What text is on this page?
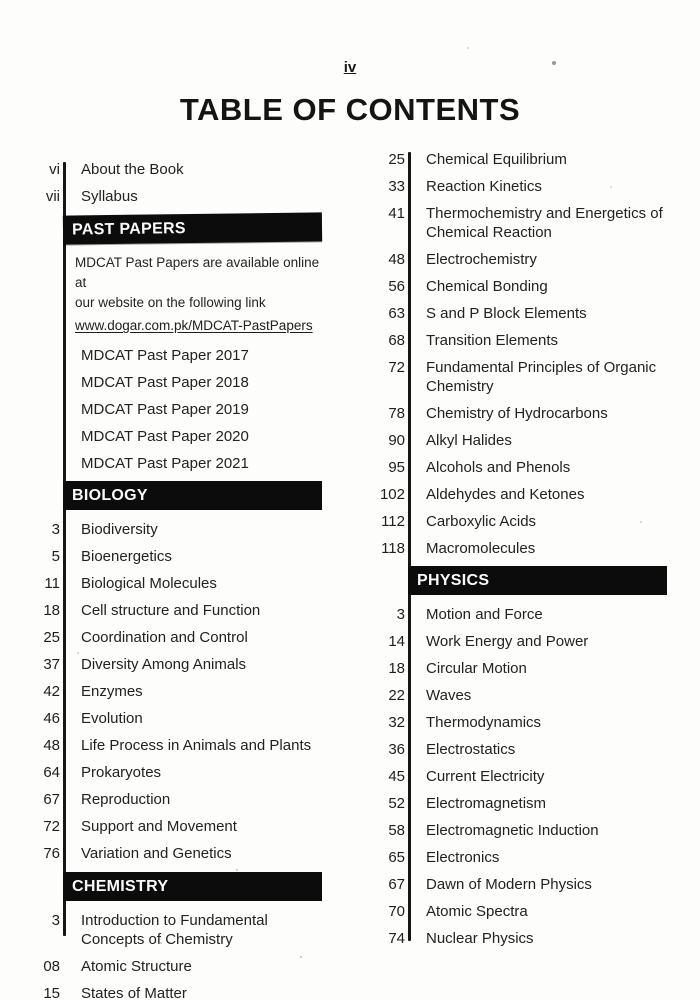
iv
TABLE OF CONTENTS
vi	About the Book
vii	Syllabus
PAST PAPERS
MDCAT Past Papers are available online at
our website on the following link
www.dogar.com.pk/MDCAT-PastPapers
MDCAT Past Paper 2017
MDCAT Past Paper 2018
MDCAT Past Paper 2019
MDCAT Past Paper 2020
MDCAT Past Paper 2021
BIOLOGY
3	Biodiversity
5	Bioenergetics
11	Biological Molecules
18	Cell structure and Function
25	Coordination and Control
37	Diversity Among Animals
42	Enzymes
46	Evolution
48	Life Process in Animals and Plants
64	Prokaryotes
67	Reproduction
72	Support and Movement
76	Variation and Genetics
CHEMISTRY
3	Introduction to Fundamental Concepts of Chemistry
08	Atomic Structure
15	States of Matter
25	Chemical Equilibrium
33	Reaction Kinetics
41	Thermochemistry and Energetics of Chemical Reaction
48	Electrochemistry
56	Chemical Bonding
63	S and P Block Elements
68	Transition Elements
72	Fundamental Principles of Organic Chemistry
78	Chemistry of Hydrocarbons
90	Alkyl Halides
95	Alcohols and Phenols
102	Aldehydes and Ketones
112	Carboxylic Acids
118	Macromolecules
PHYSICS
3	Motion and Force
14	Work Energy and Power
18	Circular Motion
22	Waves
32	Thermodynamics
36	Electrostatics
45	Current Electricity
52	Electromagnetism
58	Electromagnetic Induction
65	Electronics
67	Dawn of Modern Physics
70	Atomic Spectra
74	Nuclear Physics
